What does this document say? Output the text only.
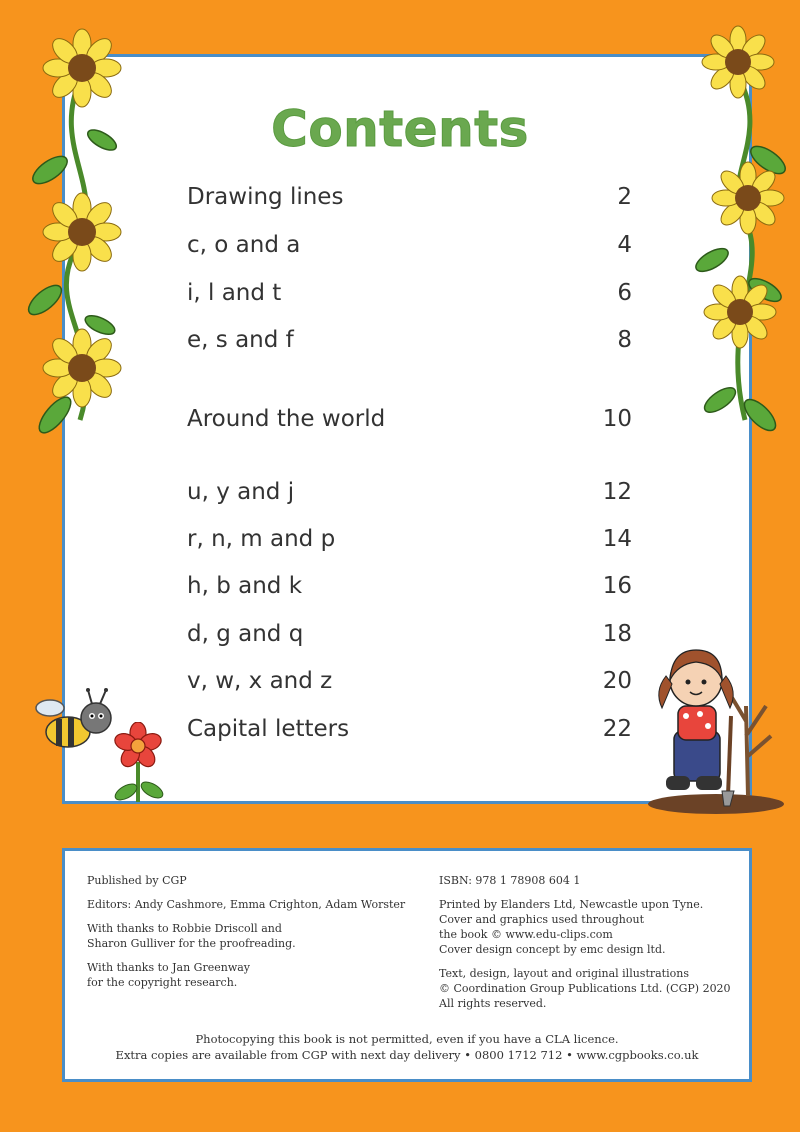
Contents
Drawing lines	2
c, o and a	4
i, l and t	6
e, s and f	8
Around the world	10
u, y and j	12
r, n, m and p	14
h, b and k	16
d, g and q	18
v, w, x and z	20
Capital letters	22

Published by CGP

Editors: Andy Cashmore, Emma Crighton, Adam Worster

With thanks to Robbie Driscoll and
Sharon Gulliver for the proofreading.

With thanks to Jan Greenway
for the copyright research.

ISBN: 978 1 78908 604 1

Printed by Elanders Ltd, Newcastle upon Tyne.
Cover and graphics used throughout
the book © www.edu-clips.com
Cover design concept by emc design ltd.

Text, design, layout and original illustrations
© Coordination Group Publications Ltd. (CGP) 2020
All rights reserved.

Photocopying this book is not permitted, even if you have a CLA licence.
Extra copies are available from CGP with next day delivery • 0800 1712 712 • www.cgpbooks.co.uk
